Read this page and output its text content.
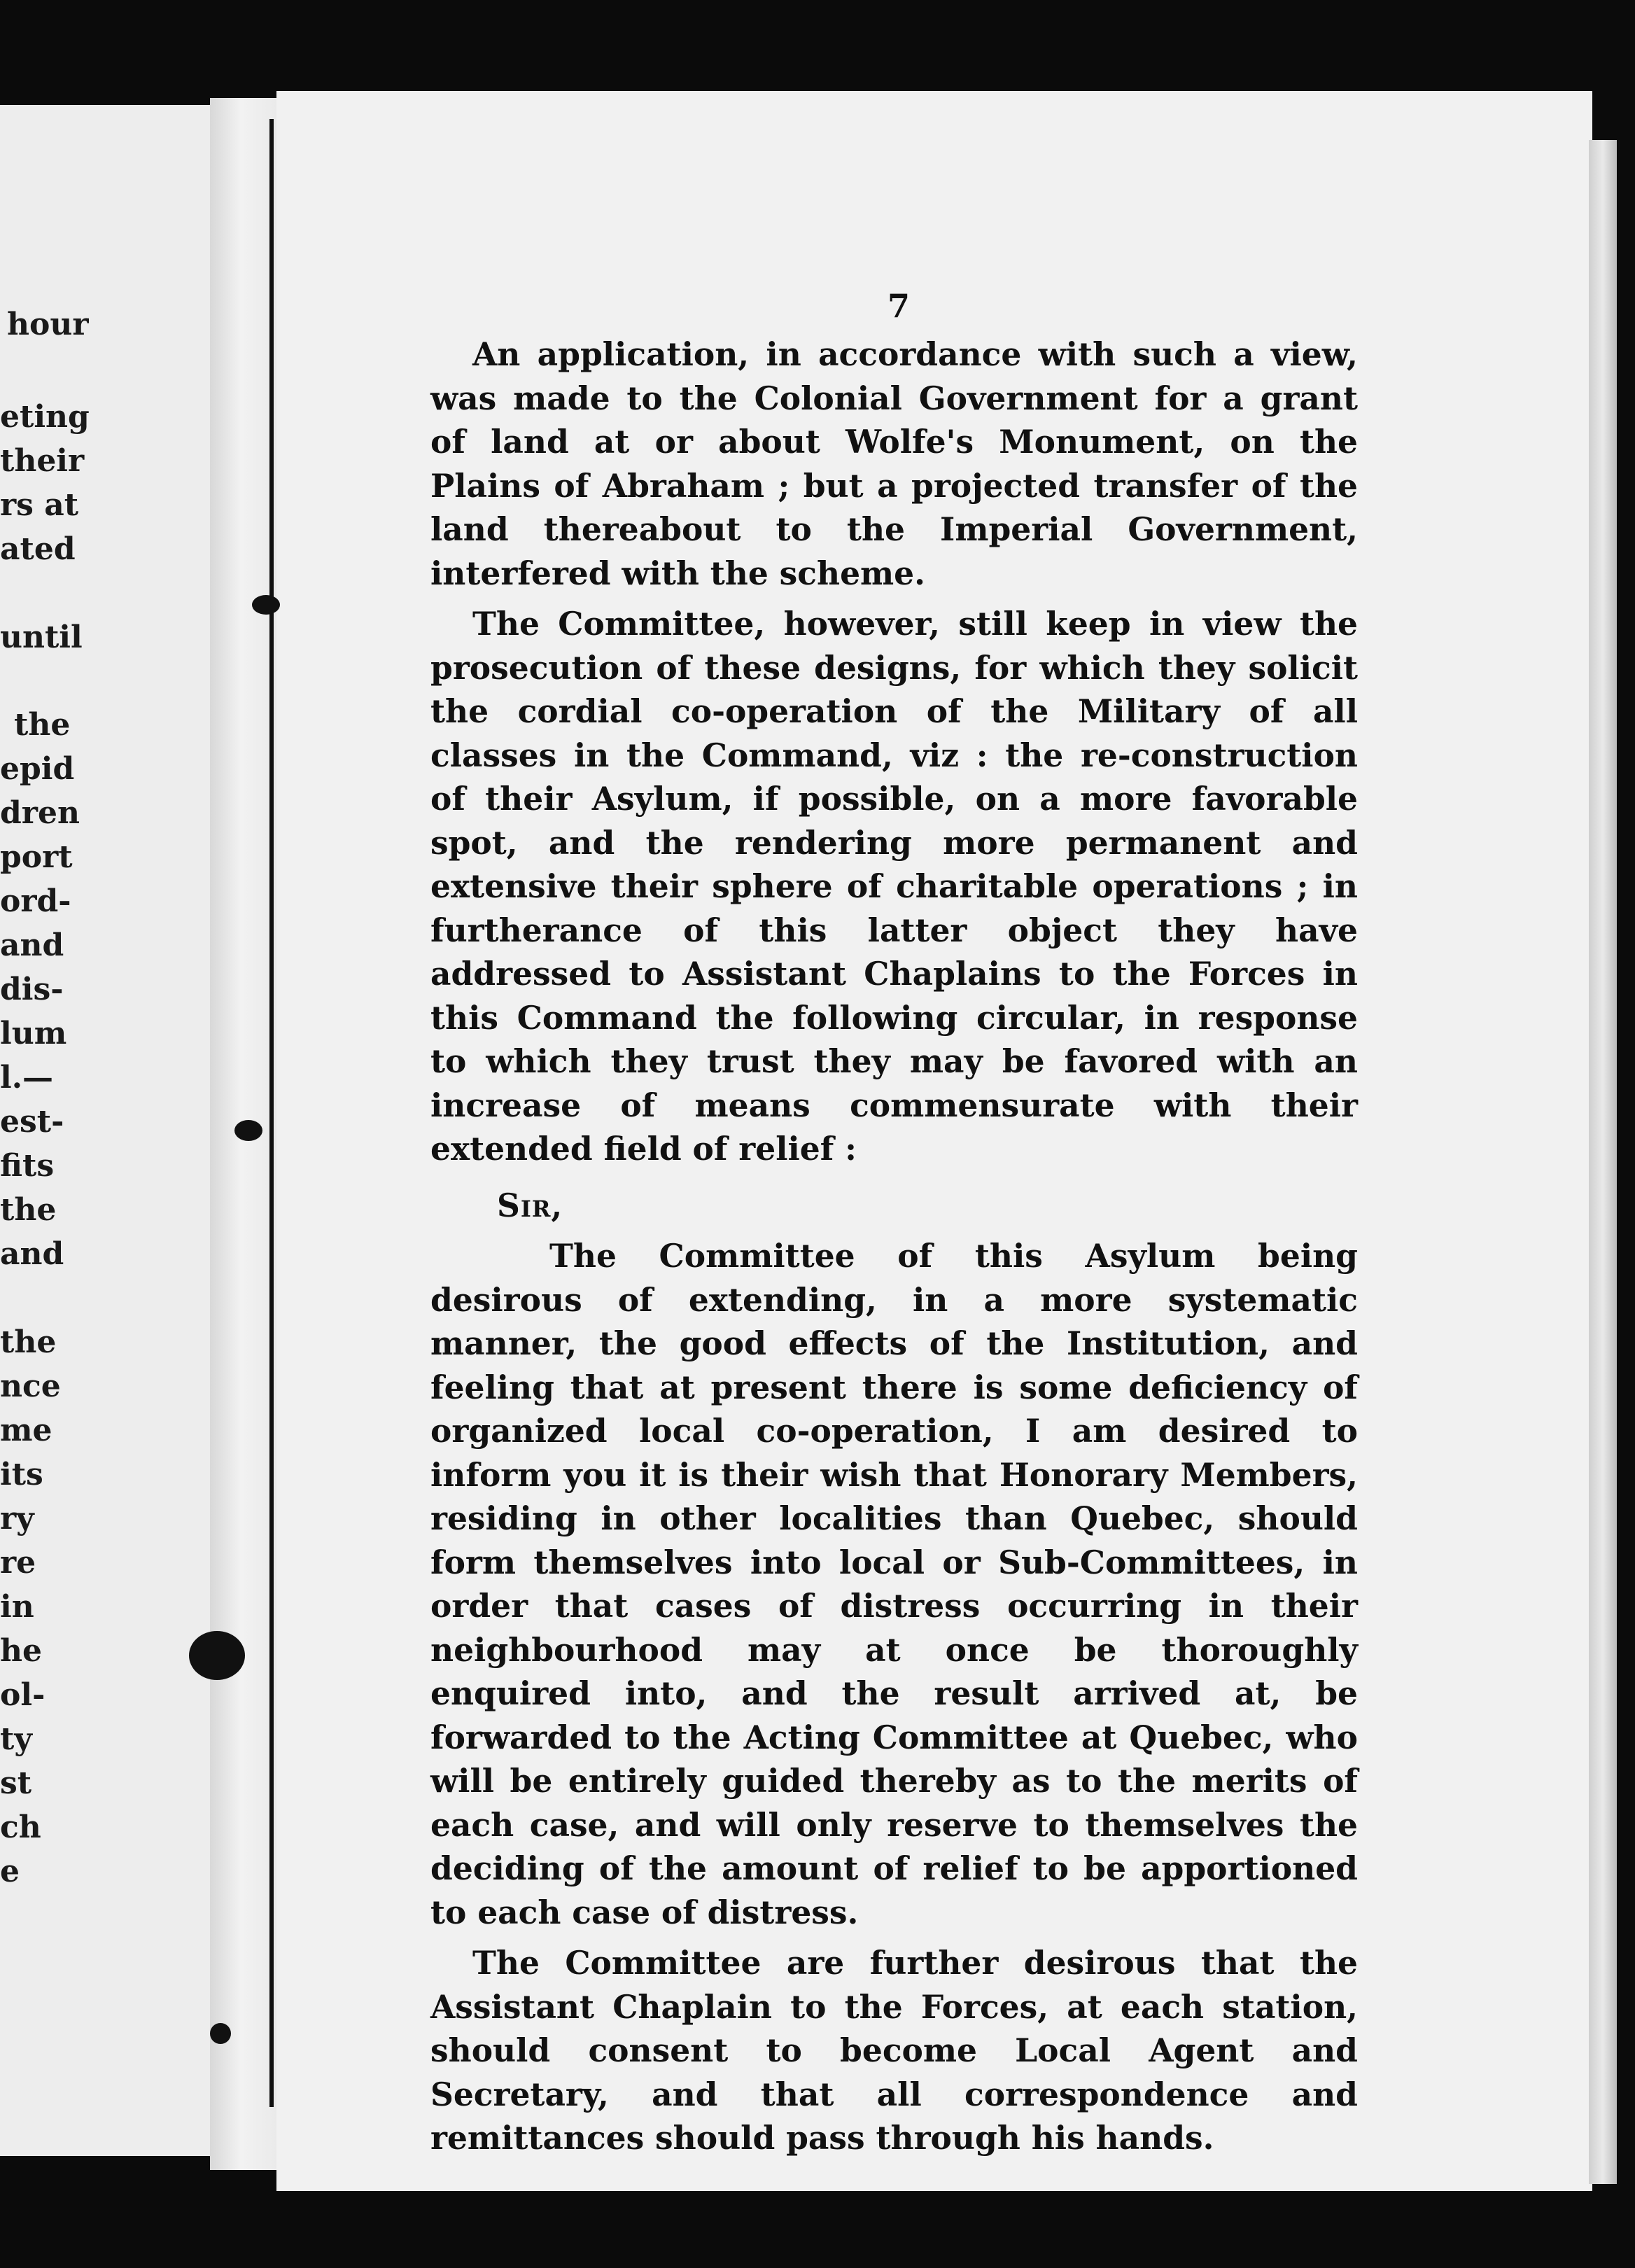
hour
eting
their
rs at
ated
until
the
epid
dren
port
ord-
and
dis-
lum
l.—
est-
fits
the
and
the
nce
me
its
ry
re
in
he
ol-
ty
st
ch
e
7

An application, in accordance with such a view, was made to the Colonial Government for a grant of land at or about Wolfe's Monument, on the Plains of Abraham ; but a projected transfer of the land thereabout to the Imperial Government, interfered with the scheme.

The Committee, however, still keep in view the prosecution of these designs, for which they solicit the cordial co-operation of the Military of all classes in the Command, viz : the re-construction of their Asylum, if possible, on a more favorable spot, and the rendering more permanent and extensive their sphere of charitable operations ; in furtherance of this latter object they have addressed to Assistant Chaplains to the Forces in this Command the following circular, in response to which they trust they may be favored with an increase of means commensurate with their extended field of relief :

Sir,

The Committee of this Asylum being desirous of extending, in a more systematic manner, the good effects of the Institution, and feeling that at present there is some deficiency of organized local co-operation, I am desired to inform you it is their wish that Honorary Members, residing in other localities than Quebec, should form themselves into local or Sub-Committees, in order that cases of distress occurring in their neighbourhood may at once be thoroughly enquired into, and the result arrived at, be forwarded to the Acting Committee at Quebec, who will be entirely guided thereby as to the merits of each case, and will only reserve to themselves the deciding of the amount of relief to be apportioned to each case of distress.

The Committee are further desirous that the Assistant Chaplain to the Forces, at each station, should consent to become Local Agent and Secretary, and that all correspondence and remittances should pass through his hands.
